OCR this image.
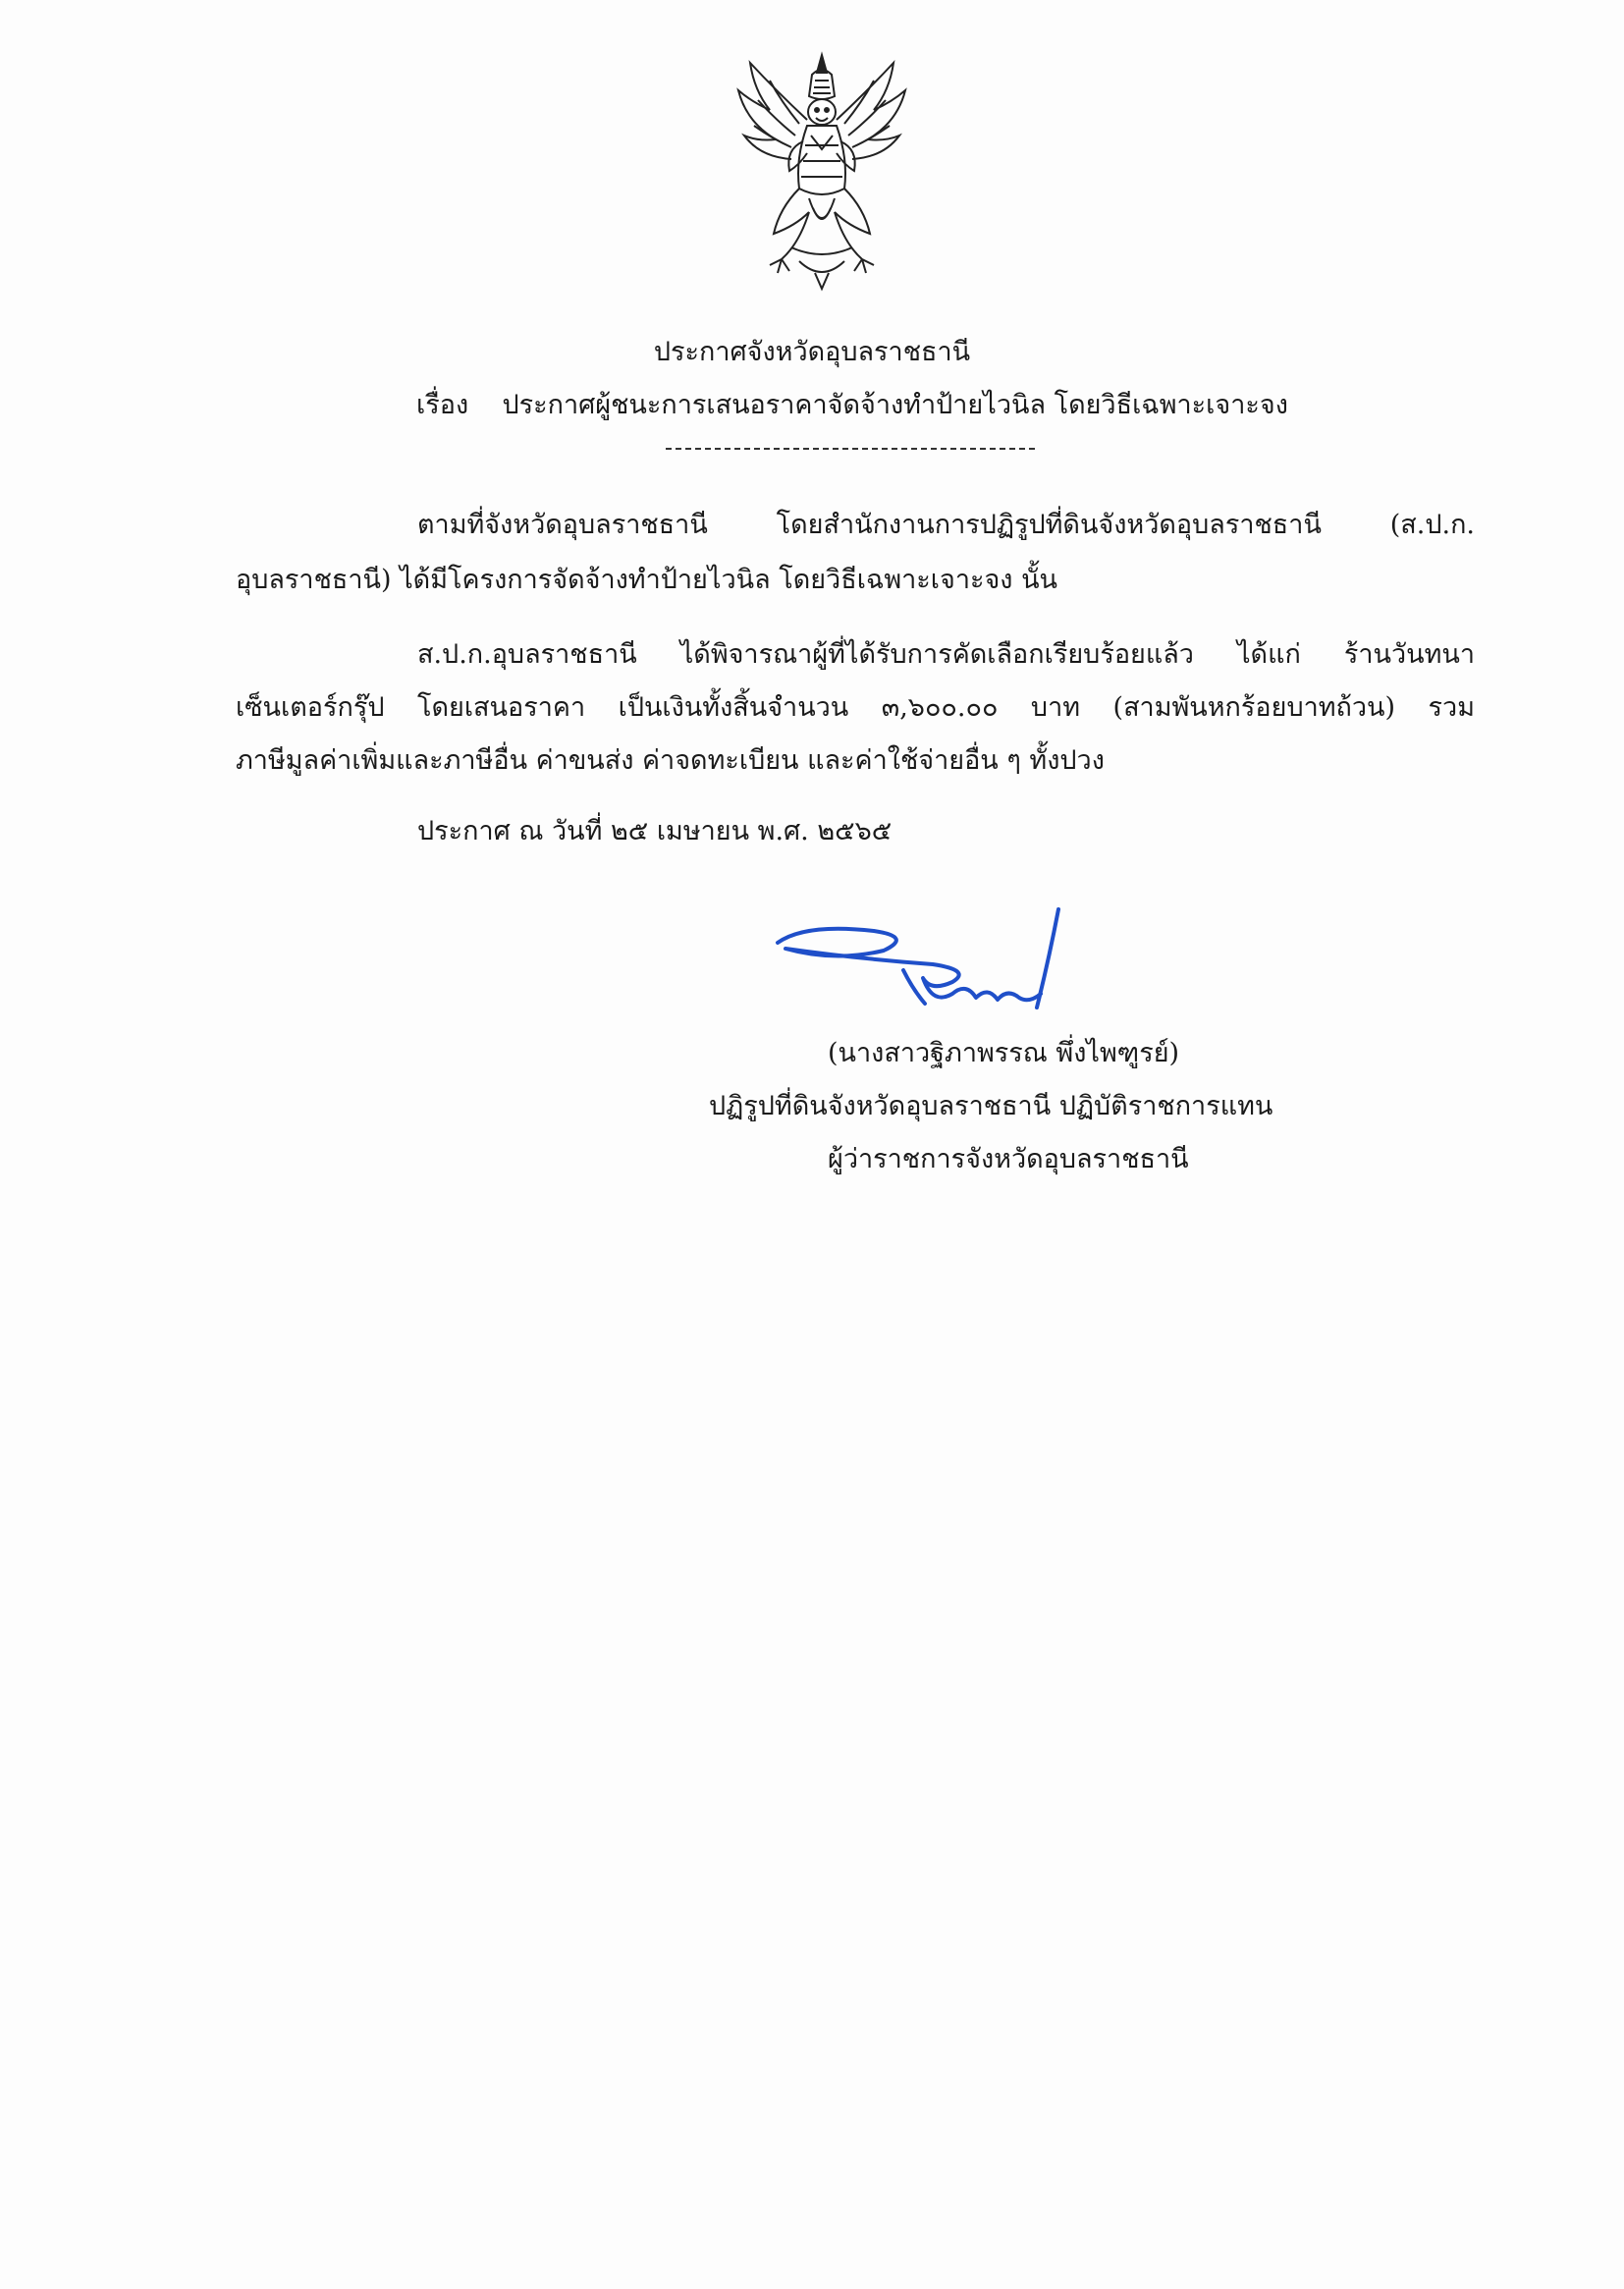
ประกาศจังหวัดอุบลราชธานี
เรื่อง ประกาศผู้ชนะการเสนอราคาจัดจ้างทำป้ายไวนิล โดยวิธีเฉพาะเจาะจง
ตามที่จังหวัดอุบลราชธานี โดยสำนักงานการปฏิรูปที่ดินจังหวัดอุบลราชธานี (ส.ป.ก.
อุบลราชธานี) ได้มีโครงการจัดจ้างทำป้ายไวนิล โดยวิธีเฉพาะเจาะจง นั้น
ส.ป.ก.อุบลราชธานี ได้พิจารณาผู้ที่ได้รับการคัดเลือกเรียบร้อยแล้ว ได้แก่ ร้านวันทนา
เซ็นเตอร์กรุ๊ป โดยเสนอราคา เป็นเงินทั้งสิ้นจำนวน ๓,๖๐๐.๐๐ บาท (สามพันหกร้อยบาทถ้วน) รวม
ภาษีมูลค่าเพิ่มและภาษีอื่น ค่าขนส่ง ค่าจดทะเบียน และค่าใช้จ่ายอื่น ๆ ทั้งปวง
ประกาศ ณ วันที่ ๒๕ เมษายน พ.ศ. ๒๕๖๕
(นางสาวฐิภาพรรณ พึ่งไพฑูรย์)
ปฏิรูปที่ดินจังหวัดอุบลราชธานี ปฏิบัติราชการแทน
ผู้ว่าราชการจังหวัดอุบลราชธานี
